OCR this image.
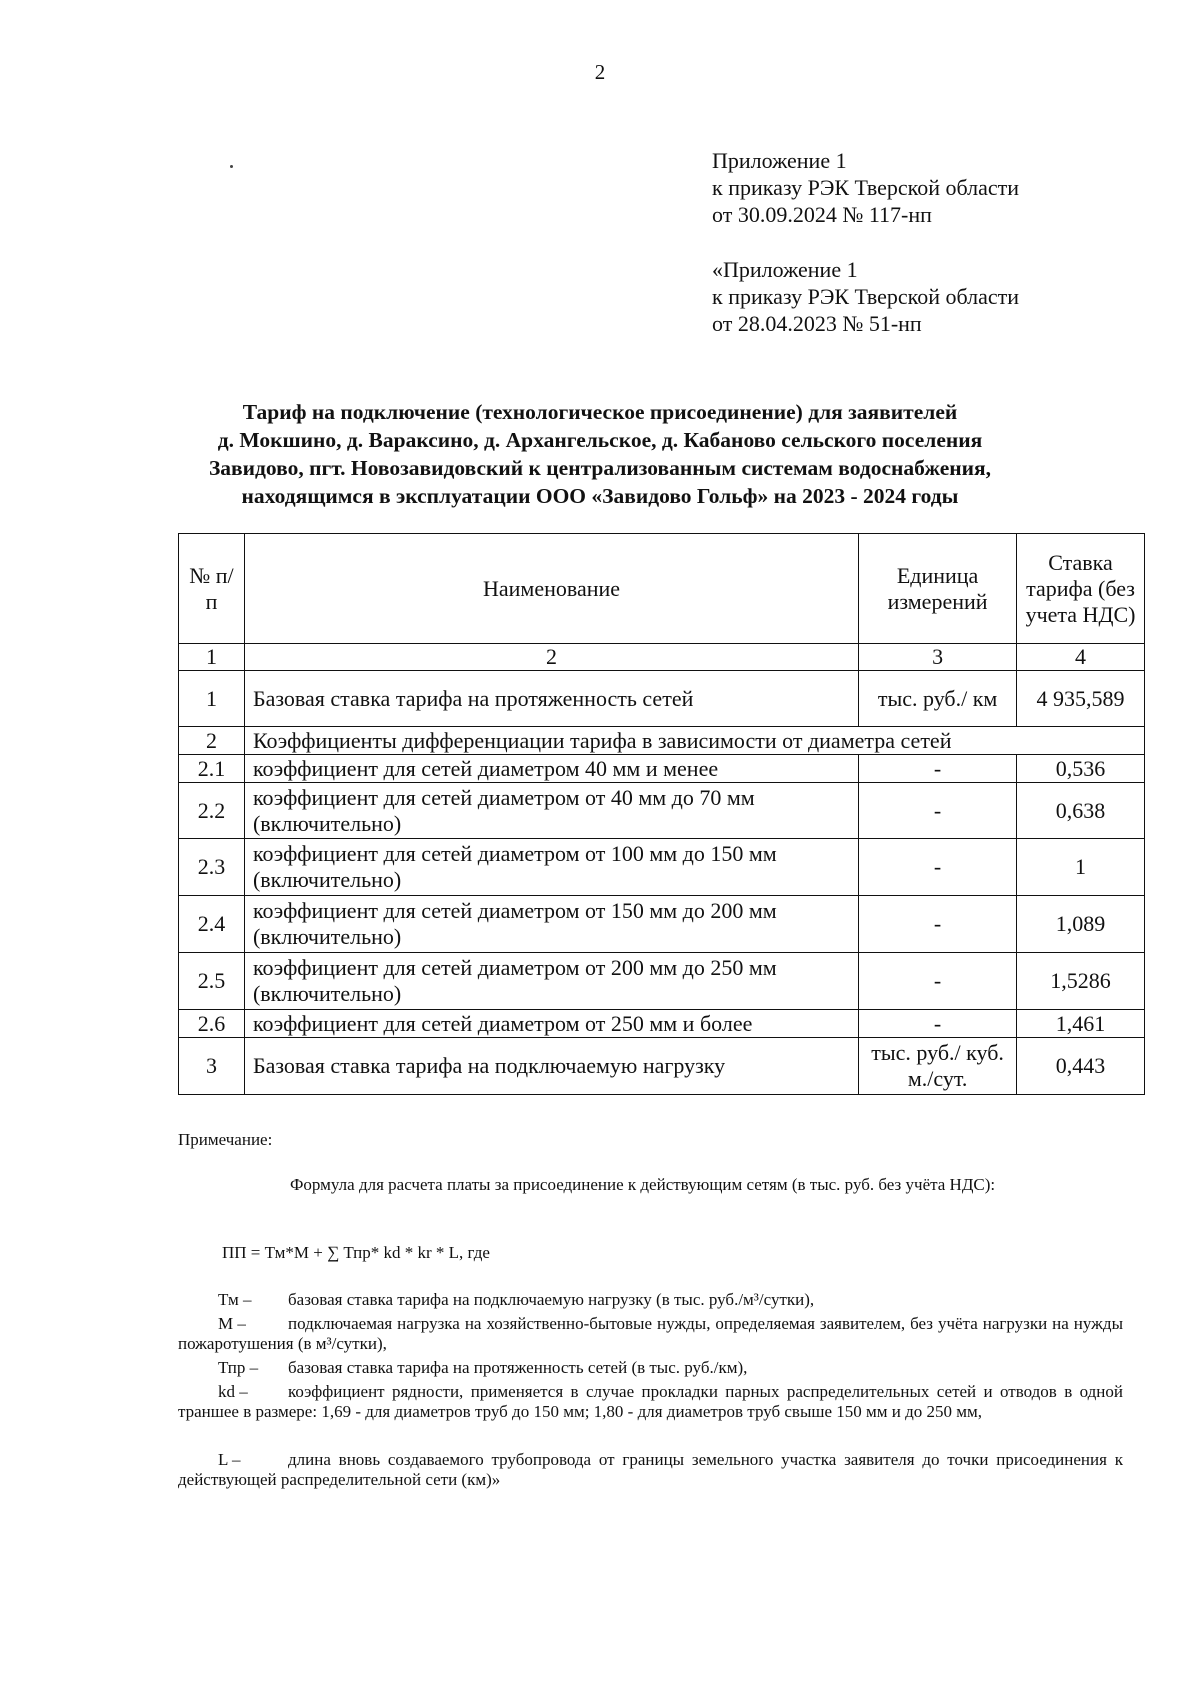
2
Приложение 1
к приказу РЭК Тверской области
от 30.09.2024 № 117-нп
«Приложение 1
к приказу РЭК Тверской области
от 28.04.2023 № 51-нп
Тариф на подключение (технологическое присоединение) для заявителей
д. Мокшино, д. Вараксино, д. Архангельское, д. Кабаново сельского поселения
Завидово, пгт. Новозавидовский к централизованным системам водоснабжения,
находящимся в эксплуатации ООО «Завидово Гольф» на 2023 - 2024 годы
№ п/п	Наименование	Единица измерений	Ставка тарифа (без учета НДС)
1	2	3	4
1	Базовая ставка тарифа на протяженность сетей	тыс. руб./ км	4 935,589
2	Коэффициенты дифференциации тарифа в зависимости от диаметра сетей		
2.1	коэффициент для сетей диаметром 40 мм и менее	-	0,536
2.2	коэффициент для сетей диаметром от 40 мм до 70 мм (включительно)	-	0,638
2.3	коэффициент для сетей диаметром от 100 мм до 150 мм (включительно)	-	1
2.4	коэффициент для сетей диаметром от 150 мм до 200 мм (включительно)	-	1,089
2.5	коэффициент для сетей диаметром от 200 мм до 250 мм (включительно)	-	1,5286
2.6	коэффициент для сетей диаметром от 250 мм и более	-	1,461
3	Базовая ставка тарифа на подключаемую нагрузку	тыс. руб./ куб. м./сут.	0,443
Примечание:
Формула для расчета платы за присоединение к действующим сетям (в тыс. руб. без учёта НДС):
ПП = Тм*М + ∑ Тпр* kd * kr * L, где
Тм – базовая ставка тарифа на подключаемую нагрузку (в тыс. руб./м³/сутки),
М – подключаемая нагрузка на хозяйственно-бытовые нужды, определяемая заявителем, без учёта нагрузки на нужды пожаротушения (в м³/сутки),
Тпр – базовая ставка тарифа на протяженность сетей (в тыс. руб./км),
kd – коэффициент рядности, применяется в случае прокладки парных распределительных сетей и отводов в одной траншее в размере: 1,69 - для диаметров труб до 150 мм; 1,80 - для диаметров труб свыше 150 мм и до 250 мм,
L –	длина вновь создаваемого трубопровода от границы земельного участка заявителя до точки присоединения к действующей распределительной сети (км)»
